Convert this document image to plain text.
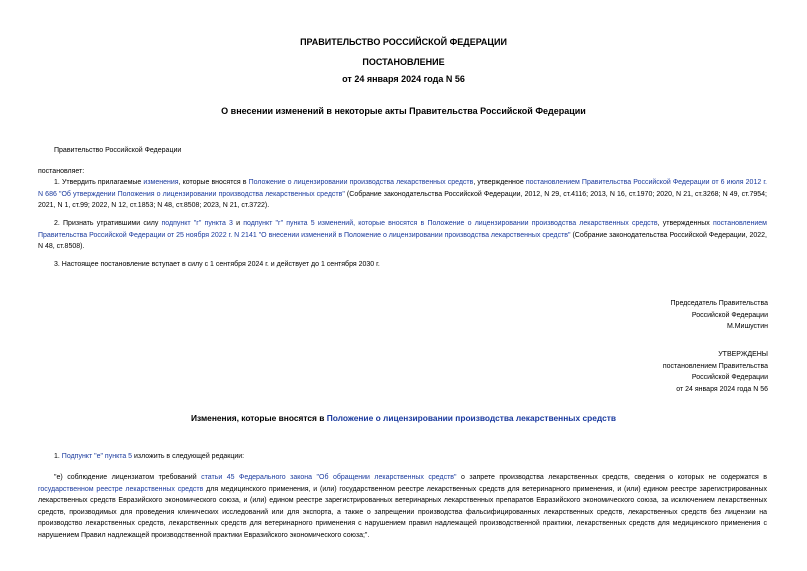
ПРАВИТЕЛЬСТВО РОССИЙСКОЙ ФЕДЕРАЦИИ
ПОСТАНОВЛЕНИЕ
от 24 января 2024 года N 56
О внесении изменений в некоторые акты Правительства Российской Федерации
Правительство Российской Федерации
постановляет:
1. Утвердить прилагаемые изменения, которые вносятся в Положение о лицензировании производства лекарственных средств, утвержденное постановлением Правительства Российской Федерации от 6 июля 2012 г. N 686 "Об утверждении Положения о лицензировании производства лекарственных средств" (Собрание законодательства Российской Федерации, 2012, N 29, ст.4116; 2013, N 16, ст.1970; 2020, N 21, ст.3268; N 49, ст.7954; 2021, N 1, ст.99; 2022, N 12, ст.1853; N 48, ст.8508; 2023, N 21, ст.3722).
2. Признать утратившими силу подпункт "г" пункта 3 и подпункт "г" пункта 5 изменений, которые вносятся в Положение о лицензировании производства лекарственных средств, утвержденных постановлением Правительства Российской Федерации от 25 ноября 2022 г. N 2141 "О внесении изменений в Положение о лицензировании производства лекарственных средств" (Собрание законодательства Российской Федерации, 2022, N 48, ст.8508).
3. Настоящее постановление вступает в силу с 1 сентября 2024 г. и действует до 1 сентября 2030 г.
Председатель Правительства
Российской Федерации
М.Мишустин
УТВЕРЖДЕНЫ
постановлением Правительства
Российской Федерации
от 24 января 2024 года N 56
Изменения, которые вносятся в Положение о лицензировании производства лекарственных средств
1. Подпункт "е" пункта 5 изложить в следующей редакции:
"е) соблюдение лицензиатом требований статьи 45 Федерального закона "Об обращении лекарственных средств" о запрете производства лекарственных средств, сведения о которых не содержатся в государственном реестре лекарственных средств для медицинского применения, и (или) государственном реестре лекарственных средств для ветеринарного применения, и (или) едином реестре зарегистрированных лекарственных средств Евразийского экономического союза, и (или) едином реестре зарегистрированных ветеринарных лекарственных препаратов Евразийского экономического союза, за исключением лекарственных средств, производимых для проведения клинических исследований или для экспорта, а также о запрещении производства фальсифицированных лекарственных средств, лекарственных средств без лицензии на производство лекарственных средств, лекарственных средств для ветеринарного применения с нарушением правил надлежащей производственной практики, лекарственных средств для медицинского применения с нарушением Правил надлежащей производственной практики Евразийского экономического союза;".
